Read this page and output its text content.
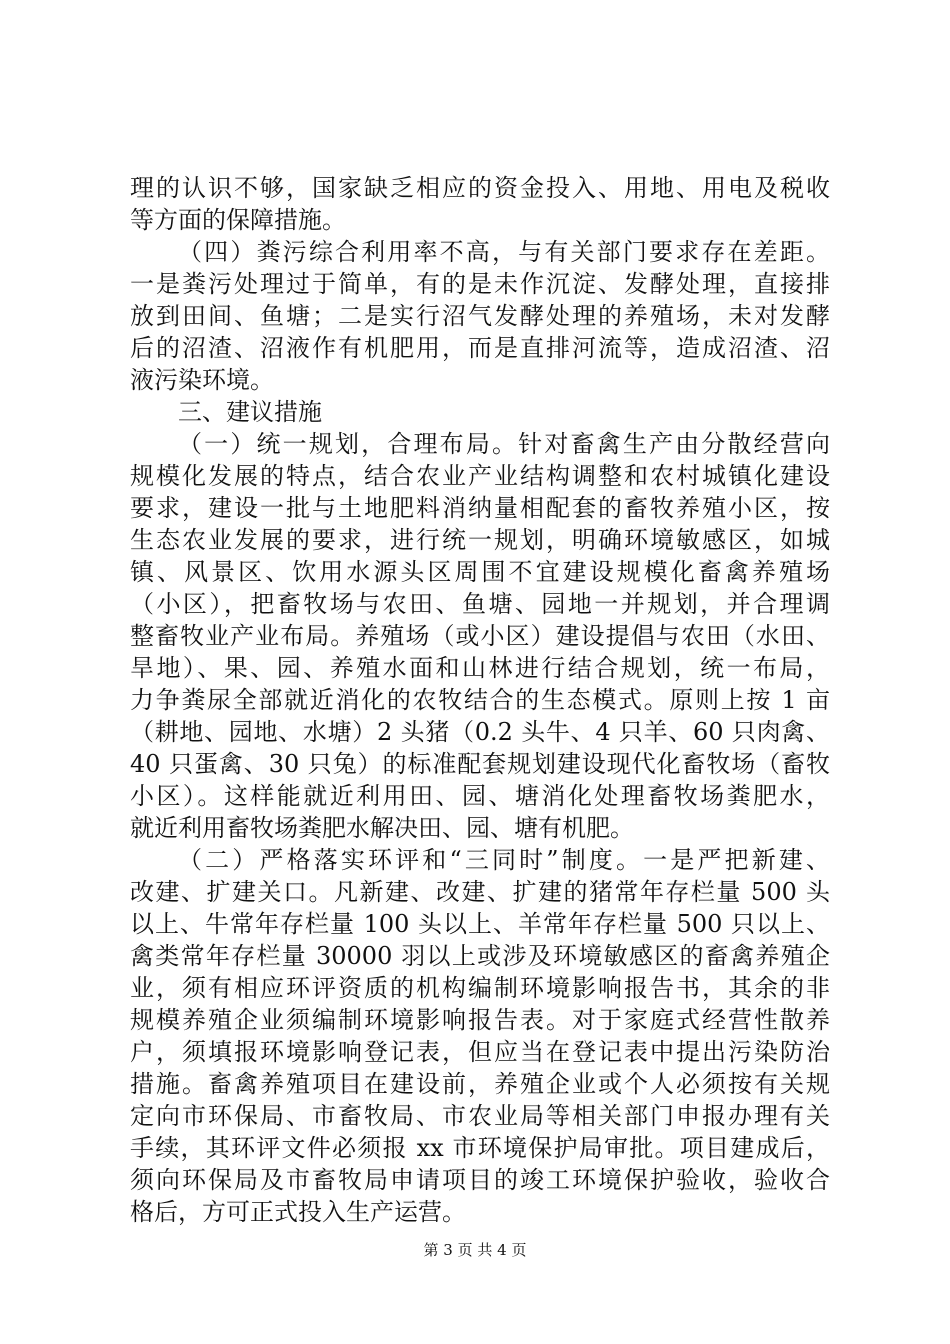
理的认识不够，国家缺乏相应的资金投入、用地、用电及税收
等方面的保障措施。
（四）粪污综合利用率不高，与有关部门要求存在差距。
一是粪污处理过于简单，有的是未作沉淀、发酵处理，直接排
放到田间、鱼塘；二是实行沼气发酵处理的养殖场，未对发酵
后的沼渣、沼液作有机肥用，而是直排河流等，造成沼渣、沼
液污染环境。
三、建议措施
（一）统一规划，合理布局。针对畜禽生产由分散经营向
规模化发展的特点，结合农业产业结构调整和农村城镇化建设
要求，建设一批与土地肥料消纳量相配套的畜牧养殖小区，按
生态农业发展的要求，进行统一规划，明确环境敏感区，如城
镇、风景区、饮用水源头区周围不宜建设规模化畜禽养殖场
（小区），把畜牧场与农田、鱼塘、园地一并规划，并合理调
整畜牧业产业布局。养殖场（或小区）建设提倡与农田（水田、
旱地）、果、园、养殖水面和山林进行结合规划，统一布局，
力争粪尿全部就近消化的农牧结合的生态模式。原则上按 1 亩
（耕地、园地、水塘）2 头猪（0.2 头牛、4 只羊、60 只肉禽、
40 只蛋禽、30 只兔）的标准配套规划建设现代化畜牧场（畜牧
小区）。这样能就近利用田、园、塘消化处理畜牧场粪肥水，
就近利用畜牧场粪肥水解决田、园、塘有机肥。
（二）严格落实环评和“三同时”制度。一是严把新建、
改建、扩建关口。凡新建、改建、扩建的猪常年存栏量 500 头
以上、牛常年存栏量 100 头以上、羊常年存栏量 500 只以上、
禽类常年存栏量 30000 羽以上或涉及环境敏感区的畜禽养殖企
业，须有相应环评资质的机构编制环境影响报告书，其余的非
规模养殖企业须编制环境影响报告表。对于家庭式经营性散养
户，须填报环境影响登记表，但应当在登记表中提出污染防治
措施。畜禽养殖项目在建设前，养殖企业或个人必须按有关规
定向市环保局、市畜牧局、市农业局等相关部门申报办理有关
手续，其环评文件必须报 xx 市环境保护局审批。项目建成后，
须向环保局及市畜牧局申请项目的竣工环境保护验收，验收合
格后，方可正式投入生产运营。
第 3 页 共 4 页
